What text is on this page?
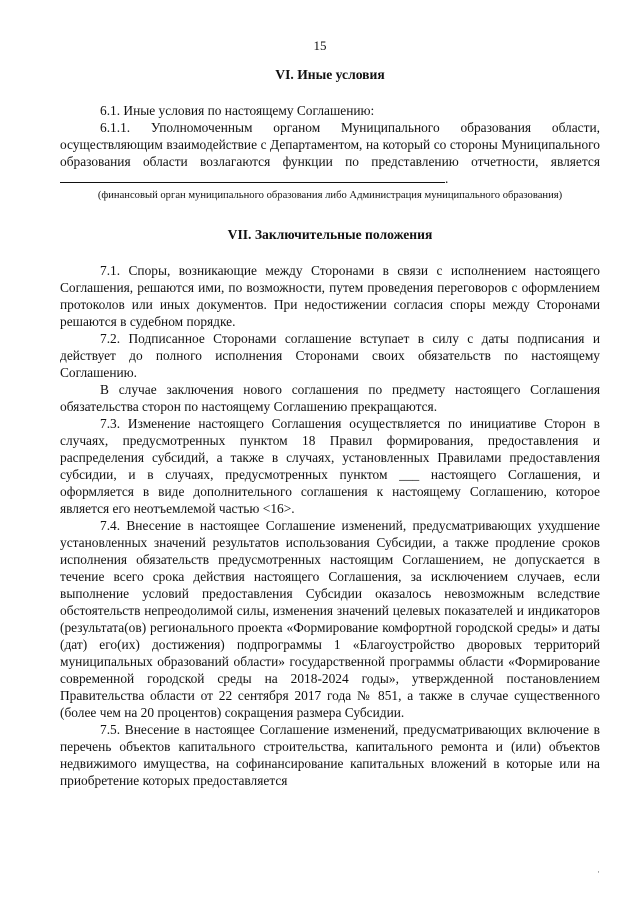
15

VI. Иные условия

6.1. Иные условия по настоящему Соглашению:

6.1.1. Уполномоченным органом Муниципального образования области, осуществляющим взаимодействие с Департаментом, на который со стороны Муниципального образования области возлагаются функции по представлению отчетности, является .

(финансовый орган муниципального образования либо Администрация муниципального образования)

VII. Заключительные положения

7.1. Споры, возникающие между Сторонами в связи с исполнением настоящего Соглашения, решаются ими, по возможности, путем проведения переговоров с оформлением протоколов или иных документов. При недостижении согласия споры между Сторонами решаются в судебном порядке.

7.2. Подписанное Сторонами соглашение вступает в силу с даты подписания и действует до полного исполнения Сторонами своих обязательств по настоящему Соглашению.

В случае заключения нового соглашения по предмету настоящего Соглашения обязательства сторон по настоящему Соглашению прекращаются.

7.3. Изменение настоящего Соглашения осуществляется по инициативе Сторон в случаях, предусмотренных пунктом 18 Правил формирования, предоставления и распределения субсидий, а также в случаях, установленных Правилами предоставления субсидии, и в случаях, предусмотренных пунктом ___ настоящего Соглашения, и оформляется в виде дополнительного соглашения к настоящему Соглашению, которое является его неотъемлемой частью <16>.

7.4. Внесение в настоящее Соглашение изменений, предусматривающих ухудшение установленных значений результатов использования Субсидии, а также продление сроков исполнения обязательств предусмотренных настоящим Соглашением, не допускается в течение всего срока действия настоящего Соглашения, за исключением случаев, если выполнение условий предоставления Субсидии оказалось невозможным вследствие обстоятельств непреодолимой силы, изменения значений целевых показателей и индикаторов (результата(ов) регионального проекта «Формирование комфортной городской среды» и даты (дат) его(их) достижения) подпрограммы 1 «Благоустройство дворовых территорий муниципальных образований области» государственной программы области «Формирование современной городской среды на 2018-2024 годы», утвержденной постановлением Правительства области от 22 сентября 2017 года № 851, а также в случае существенного (более чем на 20 процентов) сокращения размера Субсидии.

7.5. Внесение в настоящее Соглашение изменений, предусматривающих включение в перечень объектов капитального строительства, капитального ремонта и (или) объектов недвижимого имущества, на софинансирование капитальных вложений в которые или на приобретение которых предоставляется

·
